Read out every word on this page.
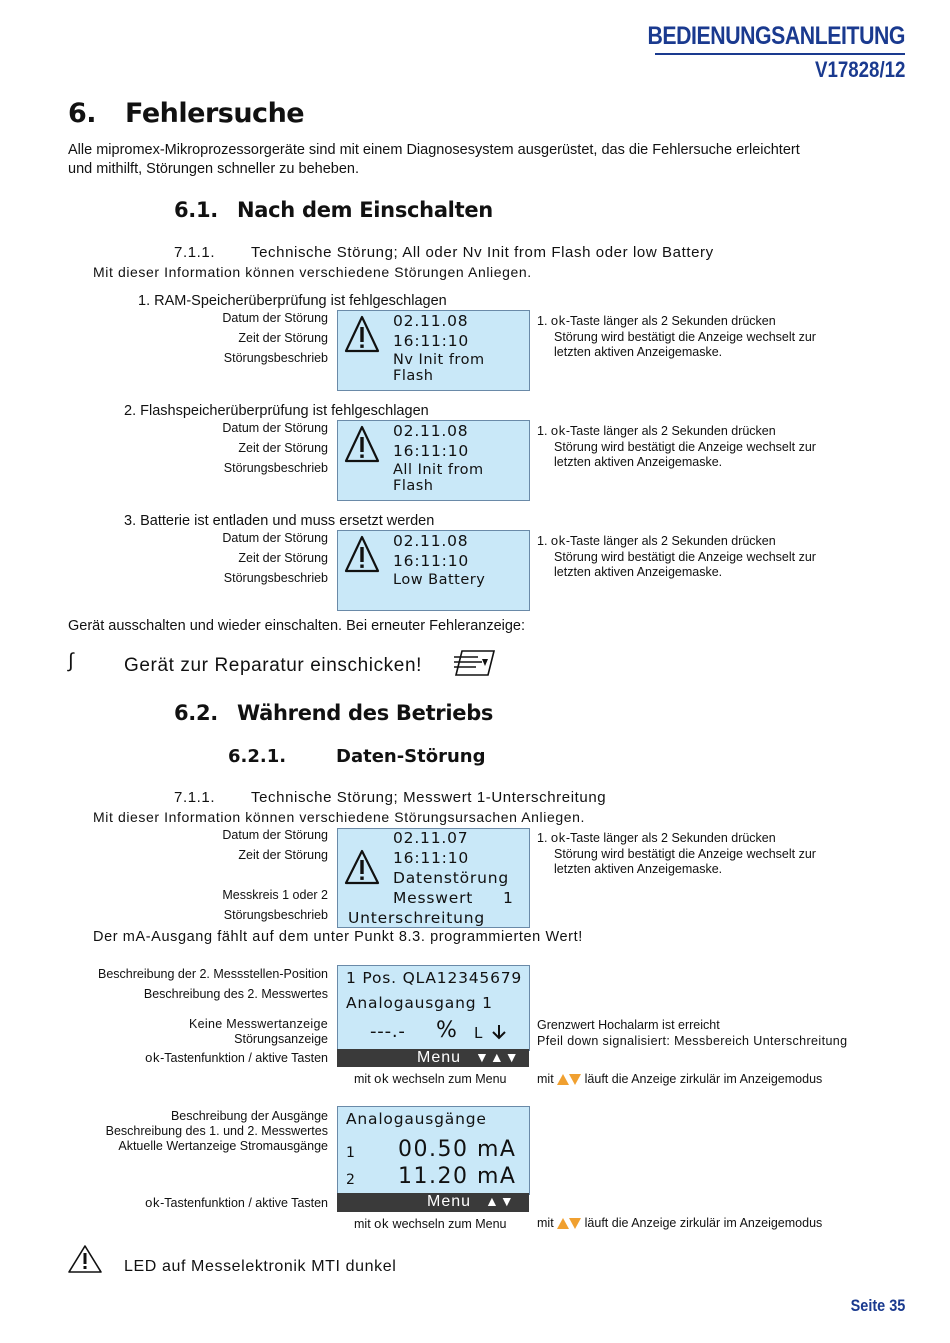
BEDIENUNGSANLEITUNG
V17828/12
6. Fehlersuche
Alle mipromex-Mikroprozessorgeräte sind mit einem Diagnosesystem ausgerüstet, das die Fehlersuche erleichtert
und mithilft, Störungen schneller zu beheben.
6.1. Nach dem Einschalten
7.1.1. Technische Störung; All oder Nv Init from Flash oder low Battery
Mit dieser Information können verschiedene Störungen Anliegen.
1. RAM-Speicherüberprüfung ist fehlgeschlagen
Datum der Störung
Zeit der Störung
Störungsbeschrieb
02.11.08
16:11:10
Nv Init from Flash
1. ok-Taste länger als 2 Sekunden drücken
Störung wird bestätigt die Anzeige wechselt zur
letzten aktiven Anzeigemaske.
2. Flashspeicherüberprüfung ist fehlgeschlagen
Datum der Störung
Zeit der Störung
Störungsbeschrieb
02.11.08
16:11:10
All Init from Flash
1. ok-Taste länger als 2 Sekunden drücken
Störung wird bestätigt die Anzeige wechselt zur
letzten aktiven Anzeigemaske.
3. Batterie ist entladen und muss ersetzt werden
Datum der Störung
Zeit der Störung
Störungsbeschrieb
02.11.08
16:11:10
Low Battery
1. ok-Taste länger als 2 Sekunden drücken
Störung wird bestätigt die Anzeige wechselt zur
letzten aktiven Anzeigemaske.
Gerät ausschalten und wieder einschalten. Bei erneuter Fehleranzeige:
∫	Gerät zur Reparatur einschicken!
6.2. Während des Betriebs
6.2.1.	Daten-Störung
7.1.1. Technische Störung; Messwert 1-Unterschreitung
Mit dieser Information können verschiedene Störungsursachen Anliegen.
Datum der Störung
Zeit der Störung
Messkreis 1 oder 2
Störungsbeschrieb
02.11.07
16:11:10
Datenstörung
Messwert 1
Unterschreitung
1. ok-Taste länger als 2 Sekunden drücken
Störung wird bestätigt die Anzeige wechselt zur
letzten aktiven Anzeigemaske.
Der mA-Ausgang fählt auf dem unter Punkt 8.3. programmierten Wert!
Beschreibung der 2. Messstellen-Position
Beschreibung des 2. Messwertes
Keine Messwertanzeige
Störungsanzeige
ok-Tastenfunktion / aktive Tasten
1 Pos. QLA12345679
Analogausgang 1
---.- % L
Menu ▼▲▼
mit ok wechseln zum Menu
Grenzwert Hochalarm ist erreicht
Pfeil down signalisiert: Messbereich Unterschreitung
mit läuft die Anzeige zirkulär im Anzeigemodus
Beschreibung der Ausgänge
Beschreibung des 1. und 2. Messwertes
Aktuelle Wertanzeige Stromausgänge
ok-Tastenfunktion / aktive Tasten
Analogausgänge
1 00.50 mA
2 11.20 mA
Menu ▲▼
mit ok wechseln zum Menu mit läuft die Anzeige zirkulär im Anzeigemodus
LED auf Messelektronik MTI dunkel
Seite 35
